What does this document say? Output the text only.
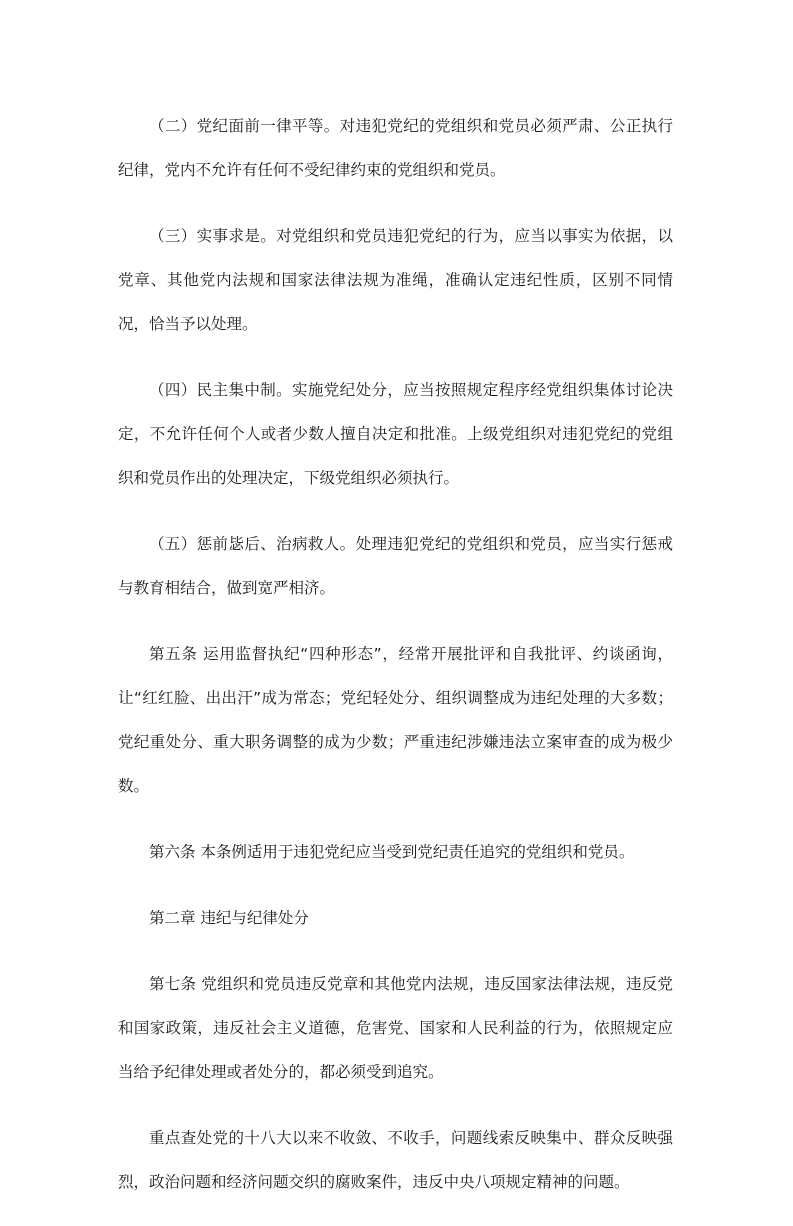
（二）党纪面前一律平等。对违犯党纪的党组织和党员必须严肃、公正执行纪律，党内不允许有任何不受纪律约束的党组织和党员。

（三）实事求是。对党组织和党员违犯党纪的行为，应当以事实为依据，以党章、其他党内法规和国家法律法规为准绳，准确认定违纪性质，区别不同情况，恰当予以处理。

（四）民主集中制。实施党纪处分，应当按照规定程序经党组织集体讨论决定，不允许任何个人或者少数人擅自决定和批准。上级党组织对违犯党纪的党组织和党员作出的处理决定，下级党组织必须执行。

（五）惩前毖后、治病救人。处理违犯党纪的党组织和党员，应当实行惩戒与教育相结合，做到宽严相济。

第五条 运用监督执纪“四种形态”，经常开展批评和自我批评、约谈函询，让“红红脸、出出汗”成为常态；党纪轻处分、组织调整成为违纪处理的大多数；党纪重处分、重大职务调整的成为少数；严重违纪涉嫌违法立案审查的成为极少数。

第六条 本条例适用于违犯党纪应当受到党纪责任追究的党组织和党员。

第二章 违纪与纪律处分

第七条 党组织和党员违反党章和其他党内法规，违反国家法律法规，违反党和国家政策，违反社会主义道德，危害党、国家和人民利益的行为，依照规定应当给予纪律处理或者处分的，都必须受到追究。

重点查处党的十八大以来不收敛、不收手，问题线索反映集中、群众反映强烈，政治问题和经济问题交织的腐败案件，违反中央八项规定精神的问题。
